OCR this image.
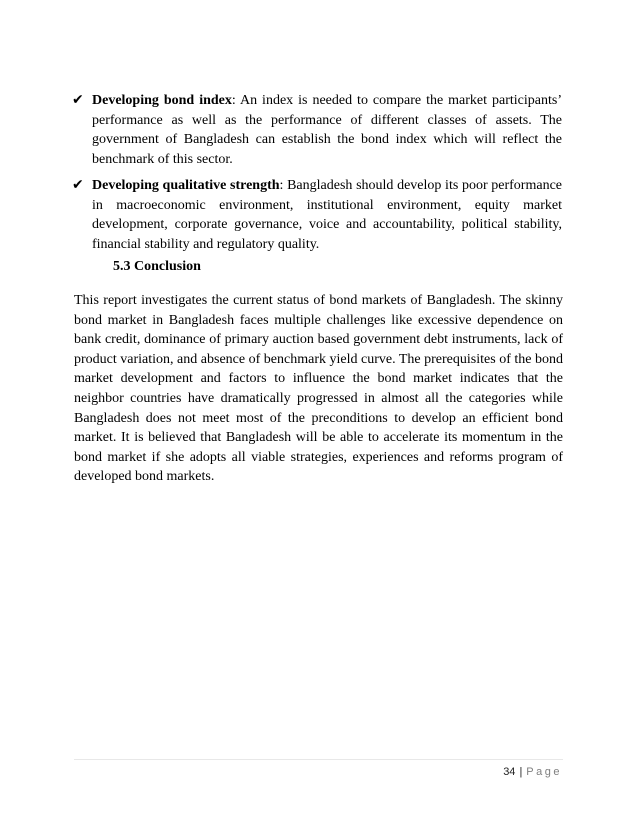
✔ Developing bond index: An index is needed to compare the market participants’ performance as well as the performance of different classes of assets. The government of Bangladesh can establish the bond index which will reflect the benchmark of this sector.

✔ Developing qualitative strength: Bangladesh should develop its poor performance in macroeconomic environment, institutional environment, equity market development, corporate governance, voice and accountability, political stability, financial stability and regulatory quality.

5.3 Conclusion

This report investigates the current status of bond markets of Bangladesh. The skinny bond market in Bangladesh faces multiple challenges like excessive dependence on bank credit, dominance of primary auction based government debt instruments, lack of product variation, and absence of benchmark yield curve. The prerequisites of the bond market development and factors to influence the bond market indicates that the neighbor countries have dramatically progressed in almost all the categories while Bangladesh does not meet most of the preconditions to develop an efficient bond market. It is believed that Bangladesh will be able to accelerate its momentum in the bond market if she adopts all viable strategies, experiences and reforms program of developed bond markets.

34 | Page
